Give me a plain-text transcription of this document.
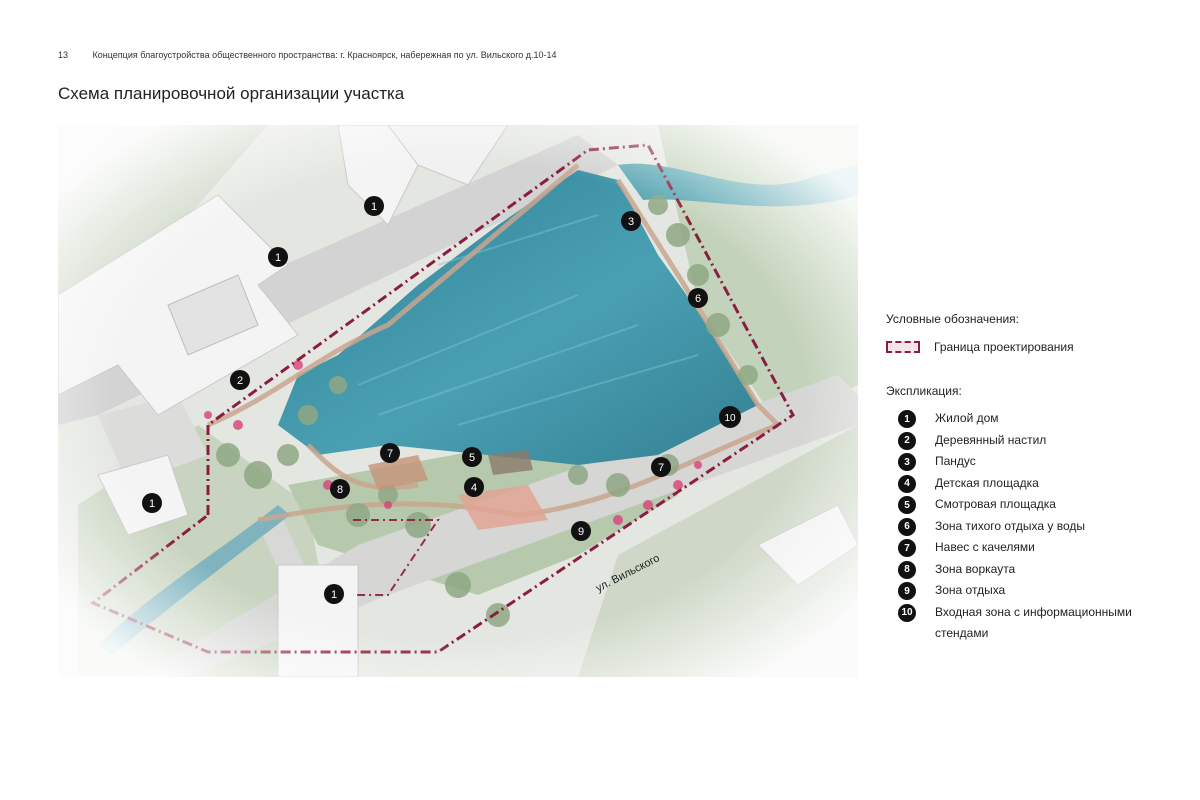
13	Концепция благоустройства общественного пространства: г. Красноярск, набережная по ул. Вильского д.10-14
Схема планировочной организации участка
1
1
1
1
2
3
4
5
6
7
7
8
9
10
Условные обозначения:
Граница проектирования
Экспликация:
1	Жилой дом
2	Деревянный настил
3	Пандус
4	Детская площадка
5	Смотровая площадка
6	Зона тихого отдыха у воды
7	Навес с качелями
8	Зона воркаута
9	Зона отдыха
10 Входная зона с информационными стендами
